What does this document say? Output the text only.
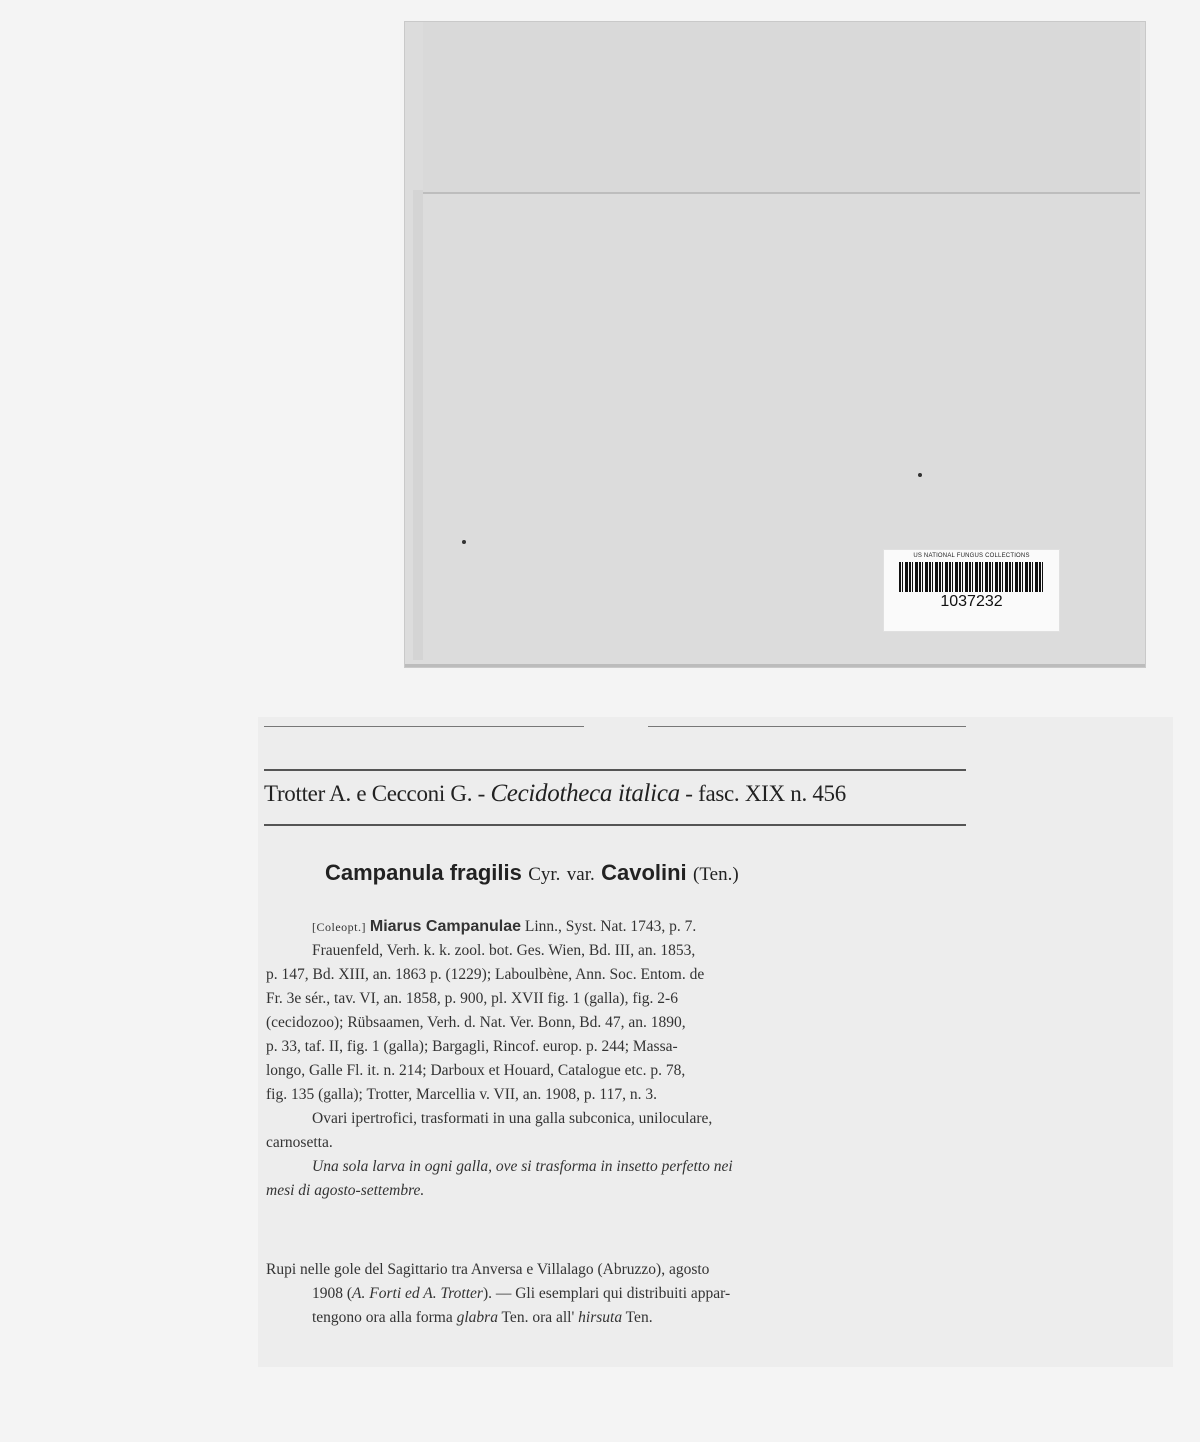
US NATIONAL FUNGUS COLLECTIONS
1037232
Trotter A. e Cecconi G. - Cecidotheca italica - fasc. XIX n. 456
Campanula fragilis Cyr. var. Cavolini (Ten.)
[Coleopt.] Miarus Campanulae Linn., Syst. Nat. 1743, p. 7.
Frauenfeld, Verh. k. k. zool. bot. Ges. Wien, Bd. III, an. 1853,
p. 147, Bd. XIII, an. 1863 p. (1229); Laboulbène, Ann. Soc. Entom. de
Fr. 3e sér., tav. VI, an. 1858, p. 900, pl. XVII fig. 1 (galla), fig. 2-6
(cecidozoo); Rübsaamen, Verh. d. Nat. Ver. Bonn, Bd. 47, an. 1890,
p. 33, taf. II, fig. 1 (galla); Bargagli, Rincof. europ. p. 244; Massa-
longo, Galle Fl. it. n. 214; Darboux et Houard, Catalogue etc. p. 78,
fig. 135 (galla); Trotter, Marcellia v. VII, an. 1908, p. 117, n. 3.
Ovari ipertrofici, trasformati in una galla subconica, uniloculare,
carnosetta.
Una sola larva in ogni galla, ove si trasforma in insetto perfetto nei
mesi di agosto-settembre.
Rupi nelle gole del Sagittario tra Anversa e Villalago (Abruzzo), agosto
1908 (A. Forti ed A. Trotter). — Gli esemplari qui distribuiti appar-
tengono ora alla forma glabra Ten. ora all' hirsuta Ten.
